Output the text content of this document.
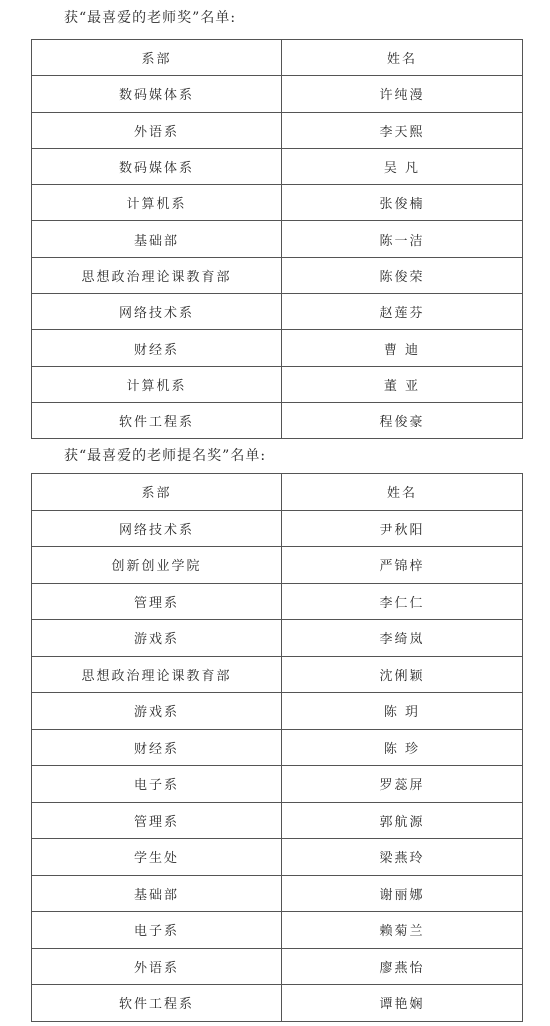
获“最喜爱的老师奖”名单:
系部	姓名
数码媒体系	许纯漫
外语系	李天熙
数码媒体系	吴 凡
计算机系	张俊楠
基础部	陈一洁
思想政治理论课教育部	陈俊荣
网络技术系	赵莲芬
财经系	曹 迪
计算机系	董 亚
软件工程系	程俊豪
获“最喜爱的老师提名奖”名单:
系部	姓名
网络技术系	尹秋阳
创新创业学院	严锦梓
管理系	李仁仁
游戏系	李绮岚
思想政治理论课教育部	沈俐颖
游戏系	陈 玥
财经系	陈 珍
电子系	罗蕊屏
管理系	郭航源
学生处	梁燕玲
基础部	谢丽娜
电子系	赖菊兰
外语系	廖燕怡
软件工程系	谭艳娴
